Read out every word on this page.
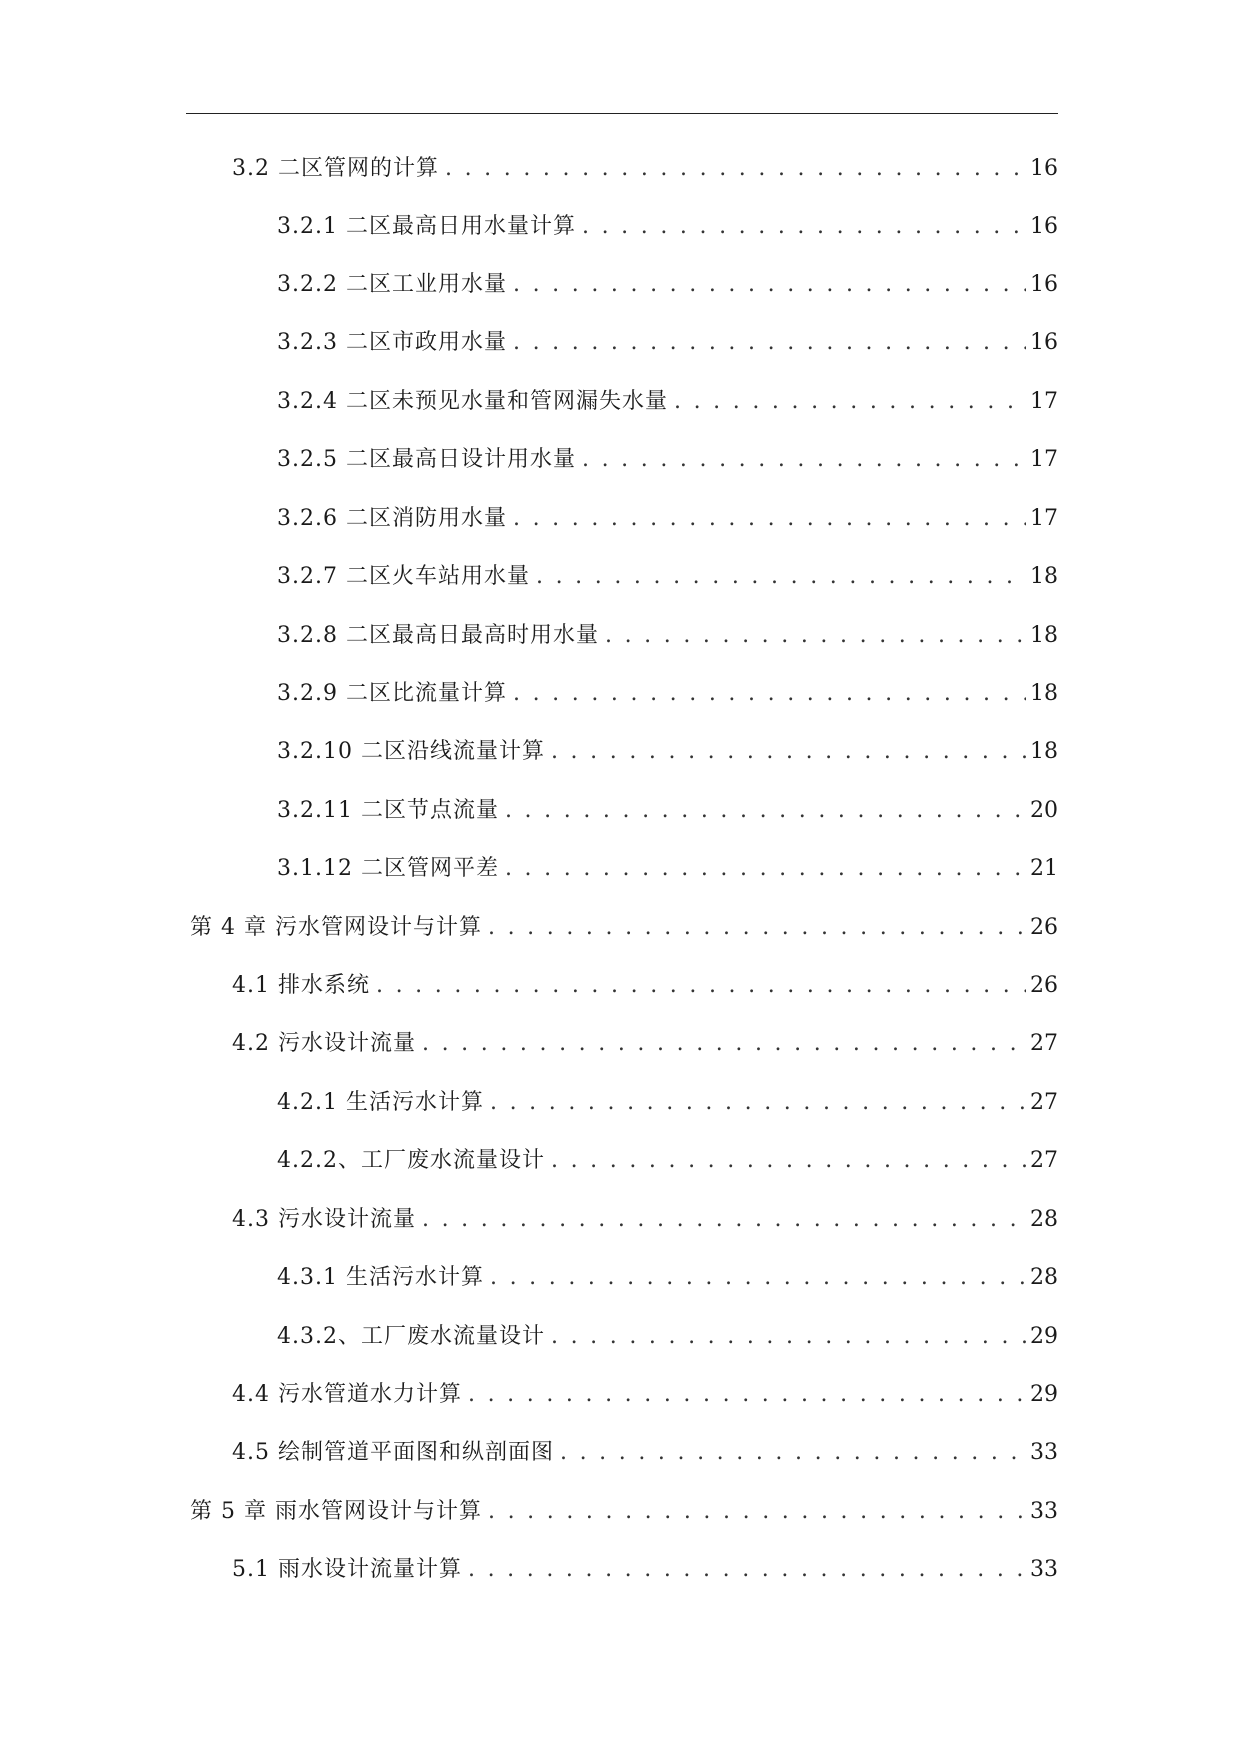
3.2 二区管网的计算 . . .	16
3.2.1 二区最高日用水量计算 . . .	16
3.2.2 二区工业用水量 . . .	16
3.2.3 二区市政用水量 . . .	16
3.2.4 二区未预见水量和管网漏失水量 . . .	17
3.2.5 二区最高日设计用水量 . . .	17
3.2.6 二区消防用水量 . . .	17
3.2.7 二区火车站用水量 . . .	18
3.2.8 二区最高日最高时用水量 . . .	18
3.2.9 二区比流量计算 . . .	18
3.2.10 二区沿线流量计算 . . .	18
3.2.11 二区节点流量 . . .	20
3.1.12 二区管网平差 . . .	21
第 4 章 污水管网设计与计算 . . .	26
4.1 排水系统 . . .	26
4.2 污水设计流量 . . .	27
4.2.1 生活污水计算 . . .	27
4.2.2、工厂废水流量设计 . . .	27
4.3 污水设计流量 . . .	28
4.3.1 生活污水计算 . . .	28
4.3.2、工厂废水流量设计 . . .	29
4.4 污水管道水力计算 . . .	29
4.5 绘制管道平面图和纵剖面图 . . .	33
第 5 章 雨水管网设计与计算 . . .	33
5.1 雨水设计流量计算 . . .	33
